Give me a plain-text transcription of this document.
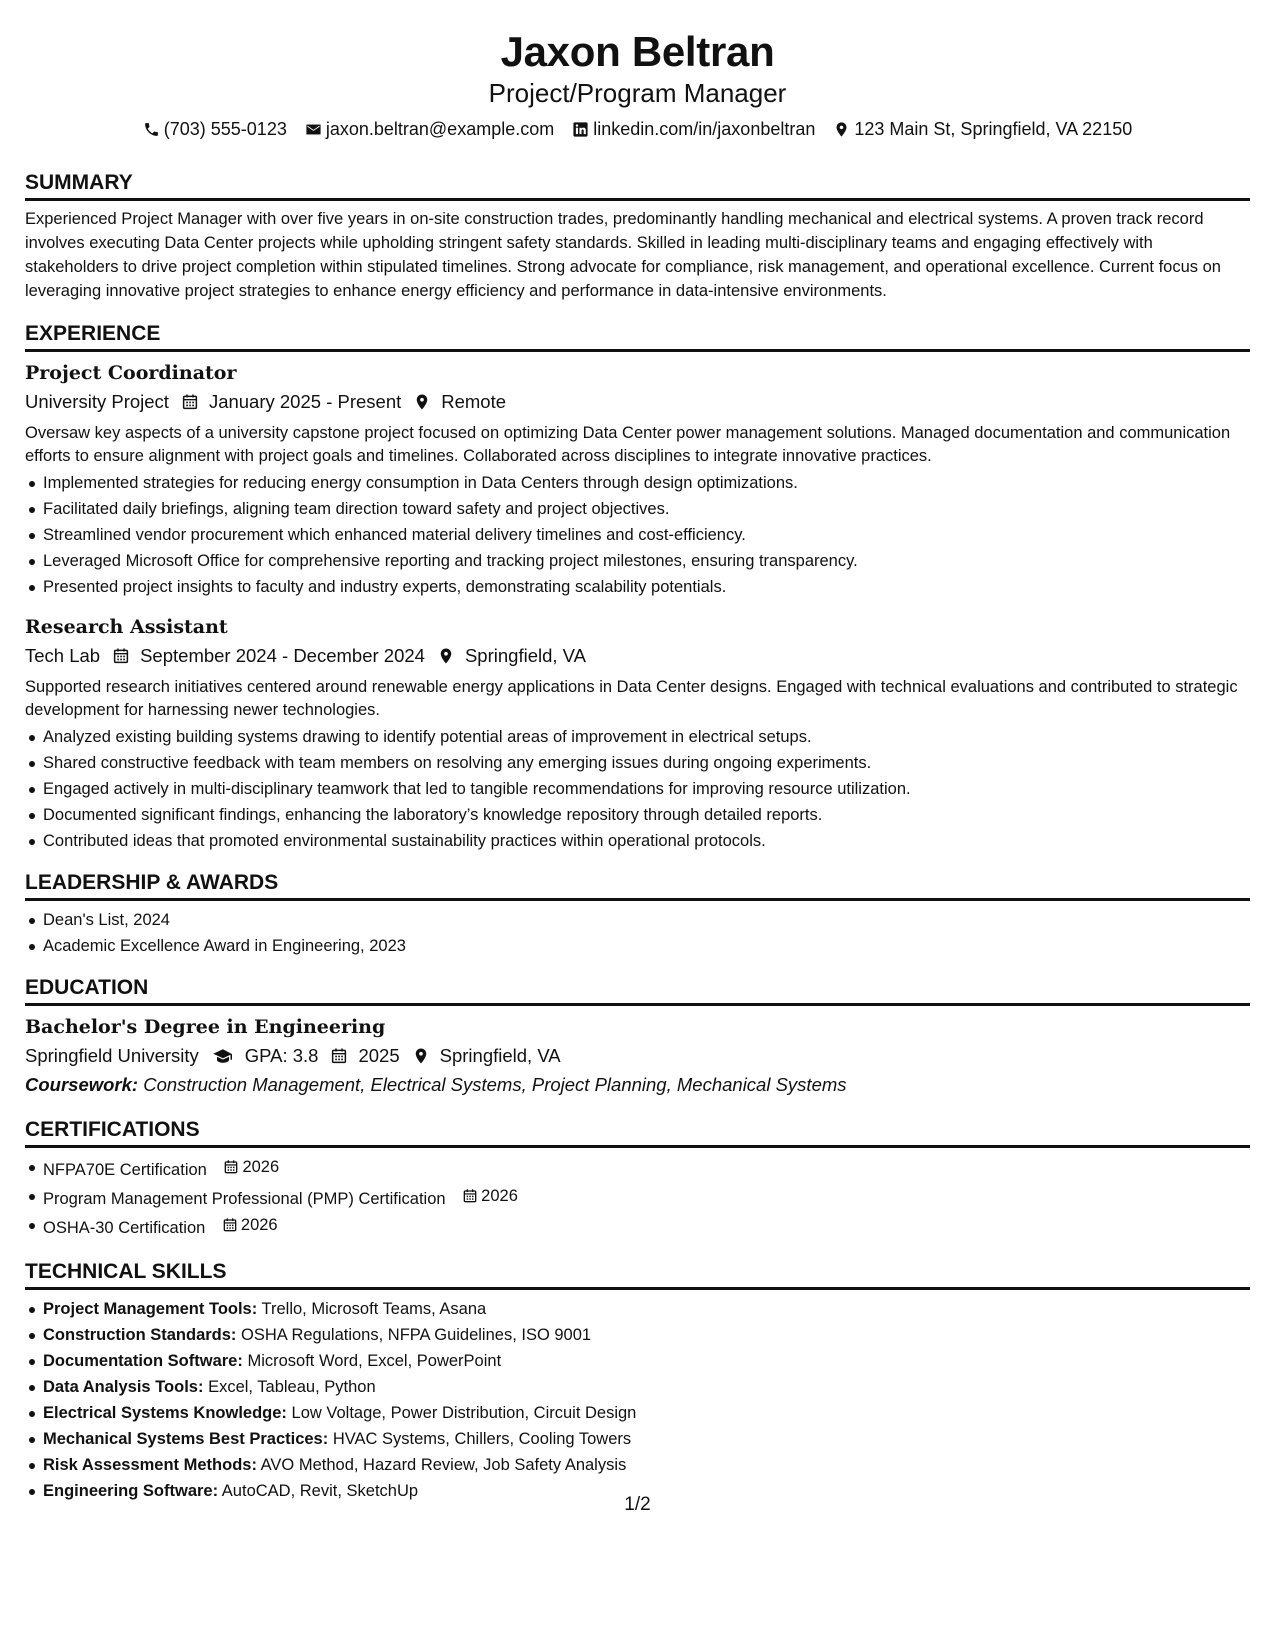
Jaxon Beltran
Project/Program Manager
(703) 555-0123 jaxon.beltran@example.com linkedin.com/in/jaxonbeltran 123 Main St, Springfield, VA 22150
SUMMARY
Experienced Project Manager with over five years in on-site construction trades, predominantly handling mechanical and electrical systems. A proven track record involves executing Data Center projects while upholding stringent safety standards. Skilled in leading multi-disciplinary teams and engaging effectively with stakeholders to drive project completion within stipulated timelines. Strong advocate for compliance, risk management, and operational excellence. Current focus on leveraging innovative project strategies to enhance energy efficiency and performance in data-intensive environments.
EXPERIENCE
Project Coordinator
University Project January 2025 - Present Remote
Oversaw key aspects of a university capstone project focused on optimizing Data Center power management solutions. Managed documentation and communication efforts to ensure alignment with project goals and timelines. Collaborated across disciplines to integrate innovative practices.
Implemented strategies for reducing energy consumption in Data Centers through design optimizations.
Facilitated daily briefings, aligning team direction toward safety and project objectives.
Streamlined vendor procurement which enhanced material delivery timelines and cost-efficiency.
Leveraged Microsoft Office for comprehensive reporting and tracking project milestones, ensuring transparency.
Presented project insights to faculty and industry experts, demonstrating scalability potentials.
Research Assistant
Tech Lab September 2024 - December 2024 Springfield, VA
Supported research initiatives centered around renewable energy applications in Data Center designs. Engaged with technical evaluations and contributed to strategic development for harnessing newer technologies.
Analyzed existing building systems drawing to identify potential areas of improvement in electrical setups.
Shared constructive feedback with team members on resolving any emerging issues during ongoing experiments.
Engaged actively in multi-disciplinary teamwork that led to tangible recommendations for improving resource utilization.
Documented significant findings, enhancing the laboratory’s knowledge repository through detailed reports.
Contributed ideas that promoted environmental sustainability practices within operational protocols.
LEADERSHIP & AWARDS
Dean's List, 2024
Academic Excellence Award in Engineering, 2023
EDUCATION
Bachelor's Degree in Engineering
Springfield University GPA: 3.8 2025 Springfield, VA
Coursework: Construction Management, Electrical Systems, Project Planning, Mechanical Systems
CERTIFICATIONS
NFPA70E Certification 2026
Program Management Professional (PMP) Certification 2026
OSHA-30 Certification 2026
TECHNICAL SKILLS
Project Management Tools: Trello, Microsoft Teams, Asana
Construction Standards: OSHA Regulations, NFPA Guidelines, ISO 9001
Documentation Software: Microsoft Word, Excel, PowerPoint
Data Analysis Tools: Excel, Tableau, Python
Electrical Systems Knowledge: Low Voltage, Power Distribution, Circuit Design
Mechanical Systems Best Practices: HVAC Systems, Chillers, Cooling Towers
Risk Assessment Methods: AVO Method, Hazard Review, Job Safety Analysis
Engineering Software: AutoCAD, Revit, SketchUp
1/2
